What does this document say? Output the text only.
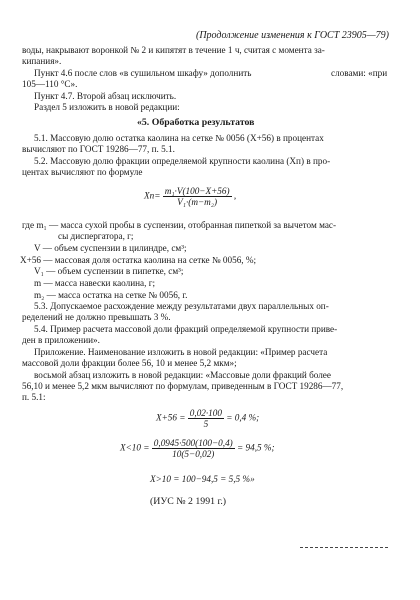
(Продолжение изменения к ГОСТ 23905—79)
воды, накрывают воронкой № 2 и кипятят в течение 1 ч, считая с момента за-
кипания».
Пункт 4.6 после слов «в сушильном шкафу» дополнить	словами: «при
105—110 °С».
Пункт 4.7. Второй абзац исключить.
Раздел 5 изложить в новой редакции:
«5. Обработка результатов
5.1. Массовую долю остатка каолина на сетке № 0056 (X+56) в процентах
вычисляют по ГОСТ 19286—77, п. 5.1.
5.2. Массовую долю фракции определяемой крупности каолина (Xп) в про-
центах вычисляют по формуле
$Xп= \frac{\text{m₁·V(100−X+56)}}{\text{V₁·(m−m₂)}}$ ,
где m₁ — масса сухой пробы в суспензии, отобранная пипеткой за вычетом мас-
сы диспергатора, г;
V — объем суспензии в цилиндре, см³;
X+56 — массовая доля остатка каолина на сетке № 0056, %;
V₁ — объем суспензии в пипетке, см³;
m — масса навески каолина, г;
m₂ — масса остатка на сетке № 0056, г.
5.3. Допускаемое расхождение между результатами двух параллельных оп-
ределений не должно превышать 3 %.
5.4. Пример расчета массовой доли фракций определяемой крупности приве-
ден в приложении».
Приложение. Наименование изложить в новой редакции: «Пример расчета
массовой доли фракции более 56, 10 и менее 5,2 мкм»;
восьмой абзац изложить в новой редакции: «Массовые доли фракций более
56,10 и менее 5,2 мкм вычисляют по формулам, приведенным в ГОСТ 19286—77,
п. 5.1:
$X+56 = \frac{0,02\cdot 100}{5} = 0,4$ %;
$X<10 = \frac{0,0945\cdot 500(100-0,4)}{10(5-0,02)} = 94,5$ %;
X>10 = 100−94,5 = 5,5 %»
(ИУС № 2 1991 г.)
